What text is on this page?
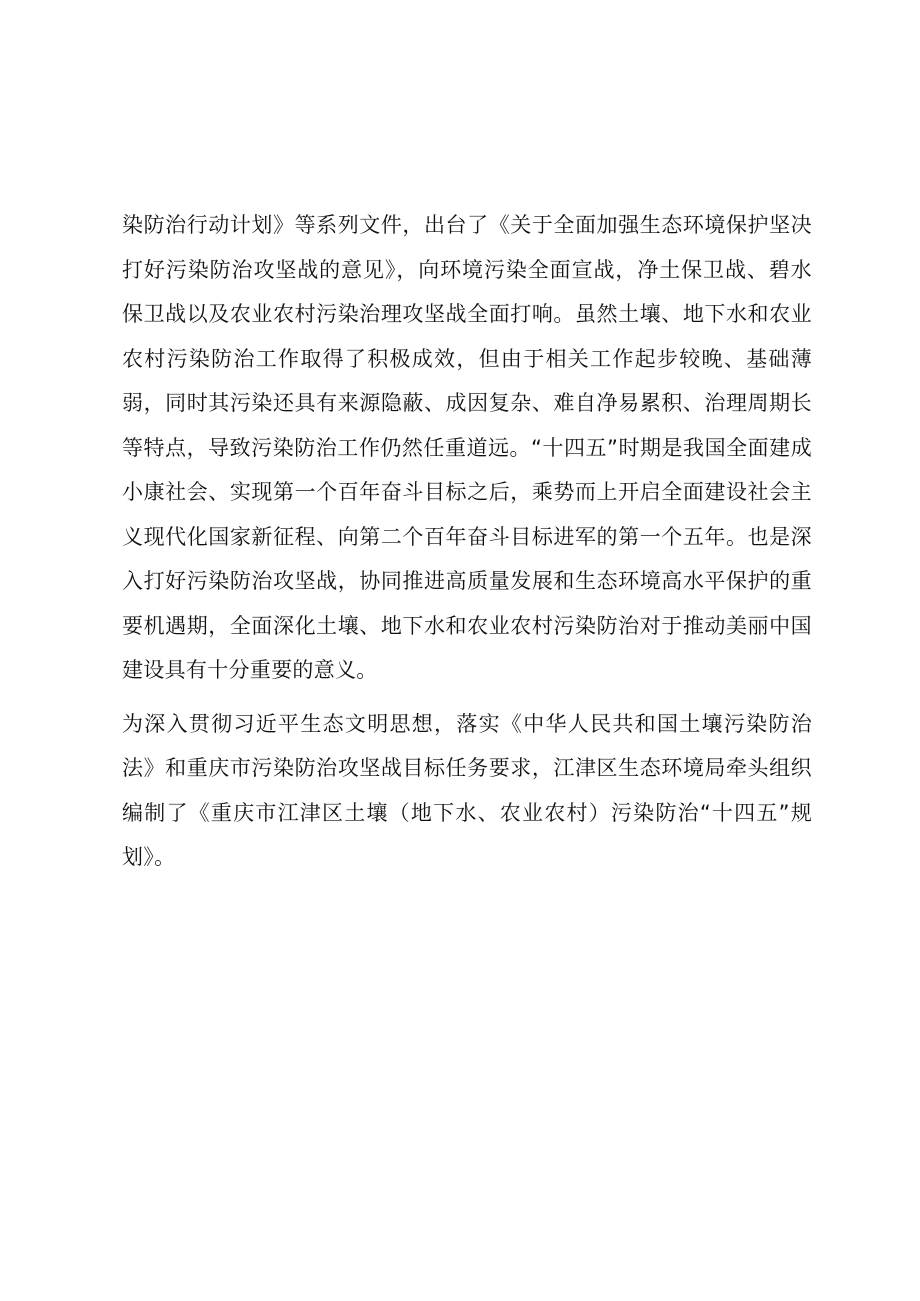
染防治行动计划》等系列文件，出台了《关于全面加强生态环境保护坚决打好污染防治攻坚战的意见》，向环境污染全面宣战，净土保卫战、碧水保卫战以及农业农村污染治理攻坚战全面打响。虽然土壤、地下水和农业农村污染防治工作取得了积极成效，但由于相关工作起步较晚、基础薄弱，同时其污染还具有来源隐蔽、成因复杂、难自净易累积、治理周期长等特点，导致污染防治工作仍然任重道远。“十四五”时期是我国全面建成小康社会、实现第一个百年奋斗目标之后，乘势而上开启全面建设社会主义现代化国家新征程、向第二个百年奋斗目标进军的第一个五年。也是深入打好污染防治攻坚战，协同推进高质量发展和生态环境高水平保护的重要机遇期，全面深化土壤、地下水和农业农村污染防治对于推动美丽中国建设具有十分重要的意义。

为深入贯彻习近平生态文明思想，落实《中华人民共和国土壤污染防治法》和重庆市污染防治攻坚战目标任务要求，江津区生态环境局牵头组织编制了《重庆市江津区土壤（地下水、农业农村）污染防治“十四五”规划》。
